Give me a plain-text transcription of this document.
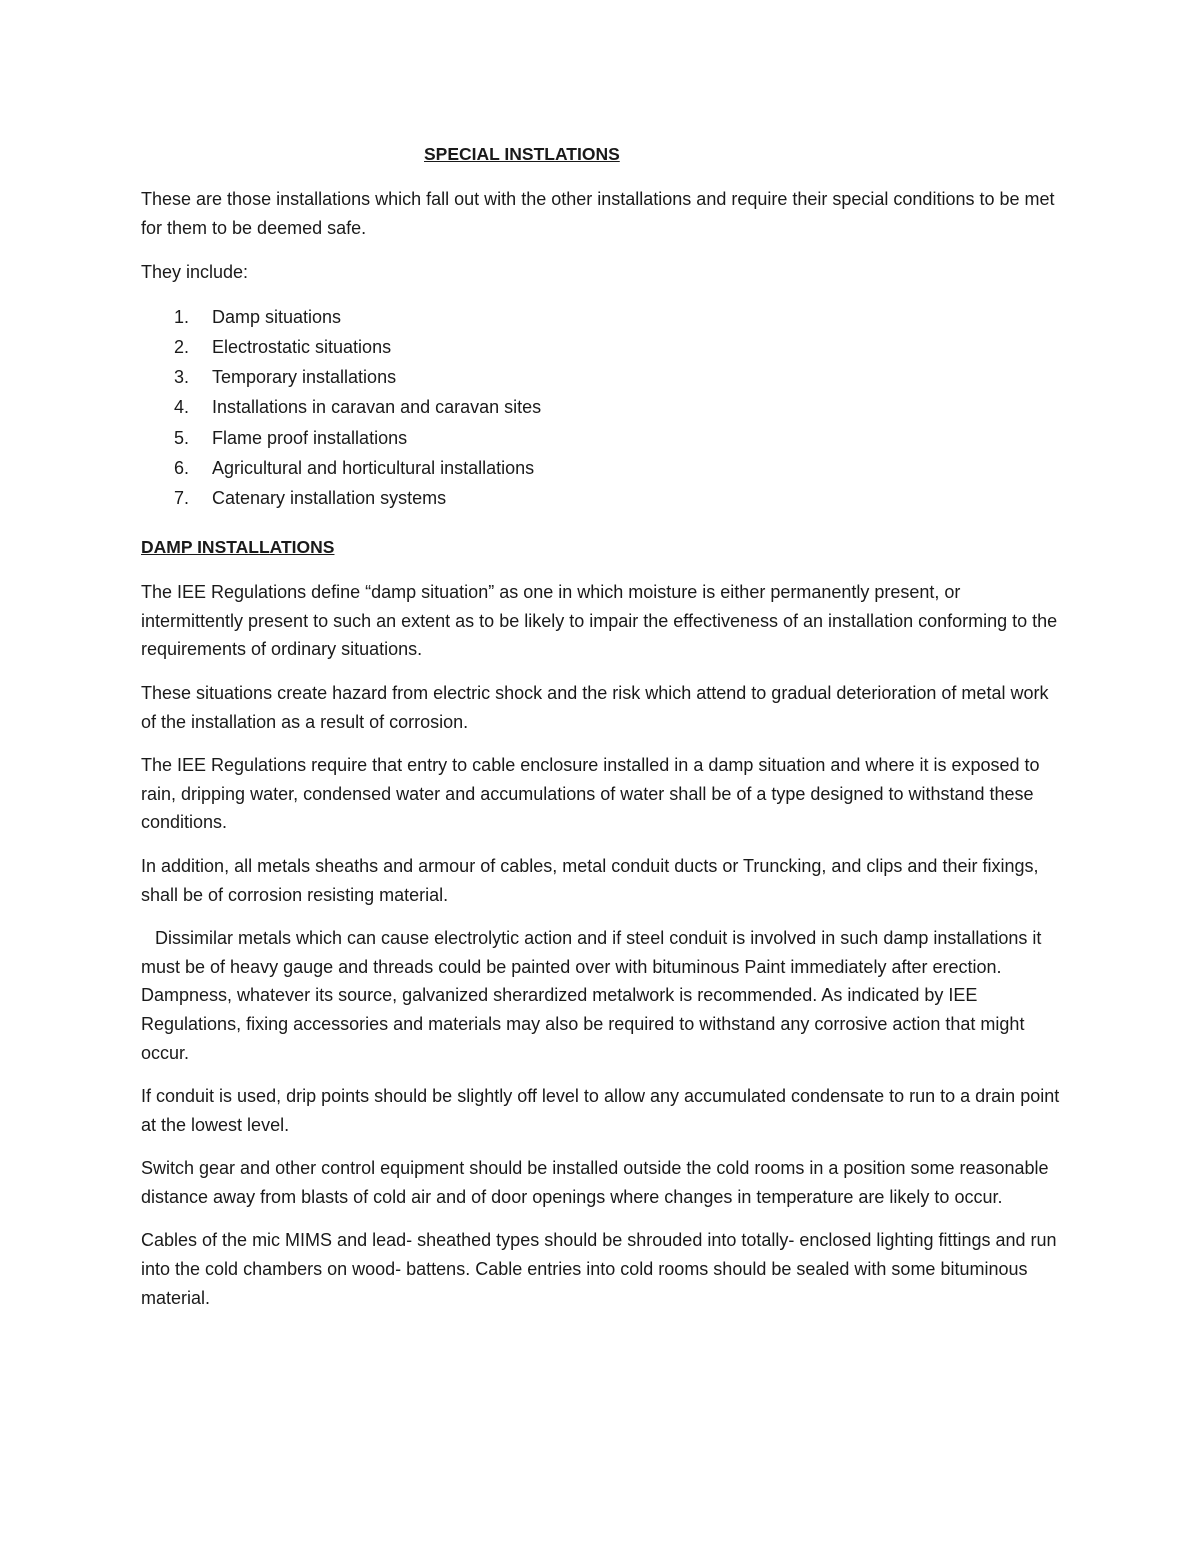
SPECIAL INSTLATIONS

These are those installations which fall out with the other installations and require their special conditions to be met for them to be deemed safe.

They include:

1. Damp situations
2. Electrostatic situations
3. Temporary installations
4. Installations in caravan and caravan sites
5. Flame proof installations
6. Agricultural and horticultural installations
7. Catenary installation systems
DAMP INSTALLATIONS

The IEE Regulations define “damp situation” as one in which moisture is either permanently present, or intermittently present to such an extent as to be likely to impair the effectiveness of an installation conforming to the requirements of ordinary situations.

These situations create hazard from electric shock and the risk which attend to gradual deterioration of metal work of the installation as a result of corrosion.

The IEE Regulations require that entry to cable enclosure installed in a damp situation and where it is exposed to rain, dripping water, condensed water and accumulations of water shall be of a type designed to withstand these conditions.

In addition, all metals sheaths and armour of cables, metal conduit ducts or Truncking, and clips and their fixings, shall be of corrosion resisting material.

Dissimilar metals which can cause electrolytic action and if steel conduit is involved in such damp installations it must be of heavy gauge and threads could be painted over with bituminous Paint immediately after erection. Dampness, whatever its source, galvanized sherardized metalwork is recommended. As indicated by IEE Regulations, fixing accessories and materials may also be required to withstand any corrosive action that might occur.

If conduit is used, drip points should be slightly off level to allow any accumulated condensate to run to a drain point at the lowest level.

Switch gear and other control equipment should be installed outside the cold rooms in a position some reasonable distance away from blasts of cold air and of door openings where changes in temperature are likely to occur.

Cables of the mic MIMS and lead- sheathed types should be shrouded into totally- enclosed lighting fittings and run into the cold chambers on wood- battens. Cable entries into cold rooms should be sealed with some bituminous material.
